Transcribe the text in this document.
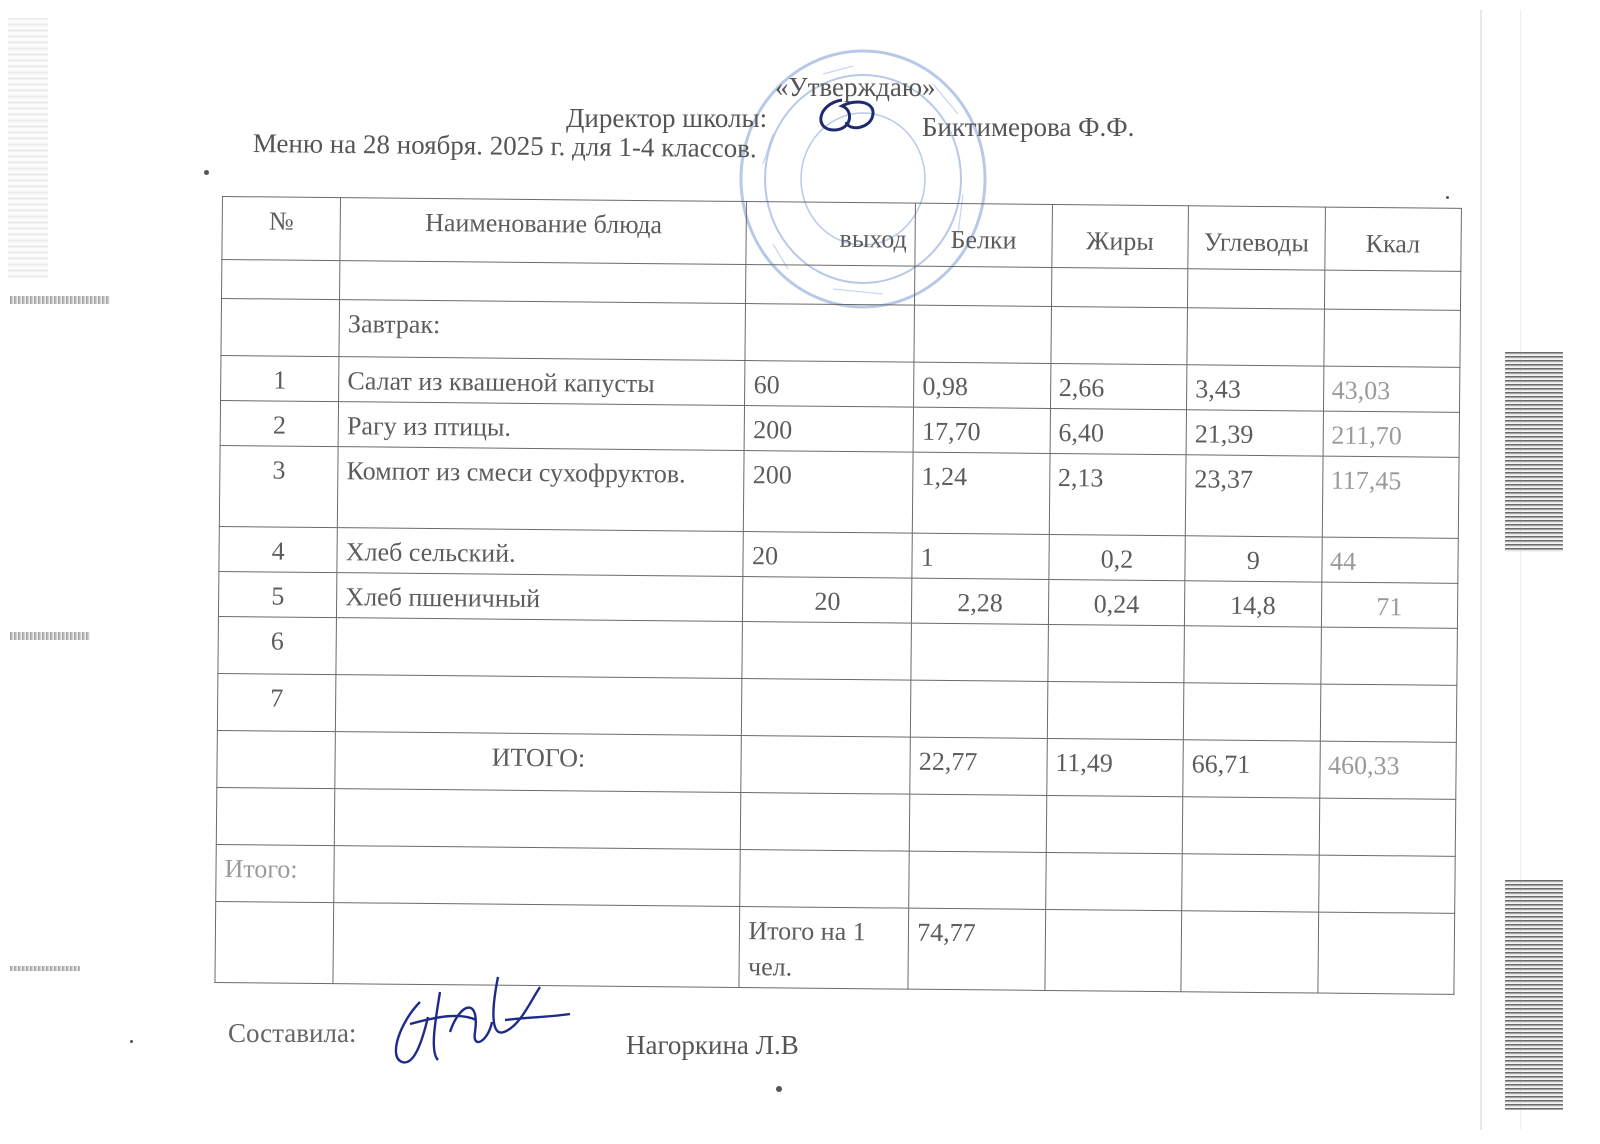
«Утверждаю»
Директор школы:	Биктимерова Ф.Ф.
Меню на 28 ноября. 2025 г. для 1-4 классов.
№	Наименование блюда	выход	Белки	Жиры	Углеводы	Ккал

	Завтрак:					
1	Салат из квашеной капусты	60	0,98	2,66	3,43	43,03
2	Рагу из птицы.	200	17,70	6,40	21,39	211,70
3	Компот из смеси сухофруктов.	200	1,24	2,13	23,37	117,45
4	Хлеб сельский.	20	1	0,2	9	44
5	Хлеб пшеничный	20	2,28	0,24	14,8	71
6						
7						
	ИТОГО:		22,77	11,49	66,71	460,33

Итого:						
		Итого на 1 чел.	74,77			
Составила:	Нагоркина Л.В
